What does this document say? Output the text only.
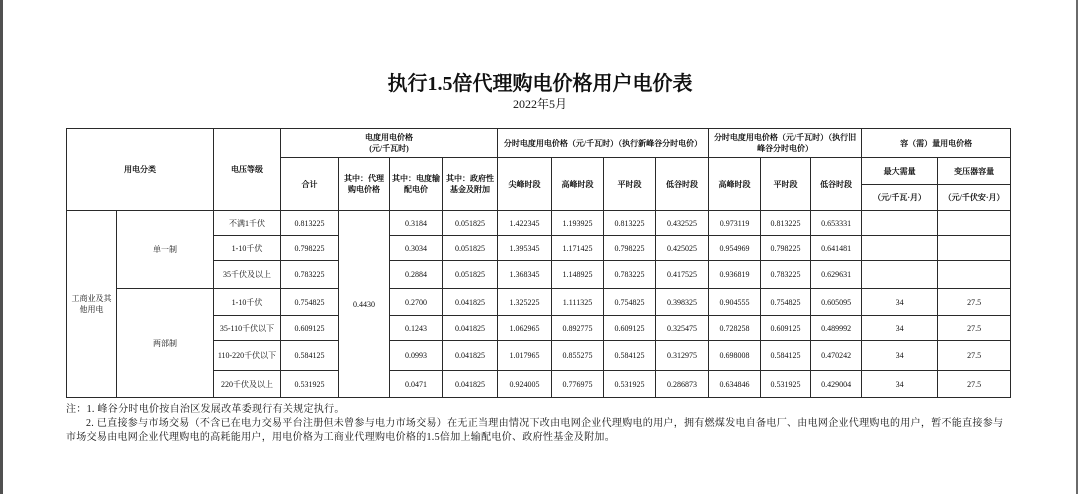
执行1.5倍代理购电价格用户电价表
2022年5月
用电分类		电压等级	电度用电价格
(元/千瓦时)				分时电度用电价格（元/千瓦时）（执行新峰谷分时电价）				分时电度用电价格（元/千瓦时）（执行旧峰谷分时电价）			容（需）量用电价格	
			合计	其中：代理购电价格	其中：电度输配电价	其中：政府性基金及附加	尖峰时段	高峰时段	平时段	低谷时段	高峰时段	平时段	低谷时段	最大需量	变压器容量
														（元/千瓦·月）	（元/千伏安·月）
工商业及其他用电	单一制	不满1千伏	0.813225	0.4430	0.3184	0.051825	1.422345	1.193925	0.813225	0.432525	0.973119	0.813225	0.653331		
		1-10千伏	0.798225		0.3034	0.051825	1.395345	1.171425	0.798225	0.425025	0.954969	0.798225	0.641481		
		35千伏及以上	0.783225		0.2884	0.051825	1.368345	1.148925	0.783225	0.417525	0.936819	0.783225	0.629631		
	两部制	1-10千伏	0.754825		0.2700	0.041825	1.325225	1.111325	0.754825	0.398325	0.904555	0.754825	0.605095	34	27.5
		35-110千伏以下	0.609125		0.1243	0.041825	1.062965	0.892775	0.609125	0.325475	0.728258	0.609125	0.489992	34	27.5
		110-220千伏以下	0.584125		0.0993	0.041825	1.017965	0.855275	0.584125	0.312975	0.698008	0.584125	0.470242	34	27.5
		220千伏及以上	0.531925		0.0471	0.041825	0.924005	0.776975	0.531925	0.286873	0.634846	0.531925	0.429004	34	27.5

注：1. 峰谷分时电价按自治区发展改革委现行有关规定执行。

2. 已直接参与市场交易（不含已在电力交易平台注册但未曾参与电力市场交易）在无正当理由情况下改由电网企业代理购电的用户，拥有燃煤发电自备电厂、由电网企业代理购电的用户，暂不能直接参与市场交易由电网企业代理购电的高耗能用户，用电价格为工商业代理购电价格的1.5倍加上输配电价、政府性基金及附加。
